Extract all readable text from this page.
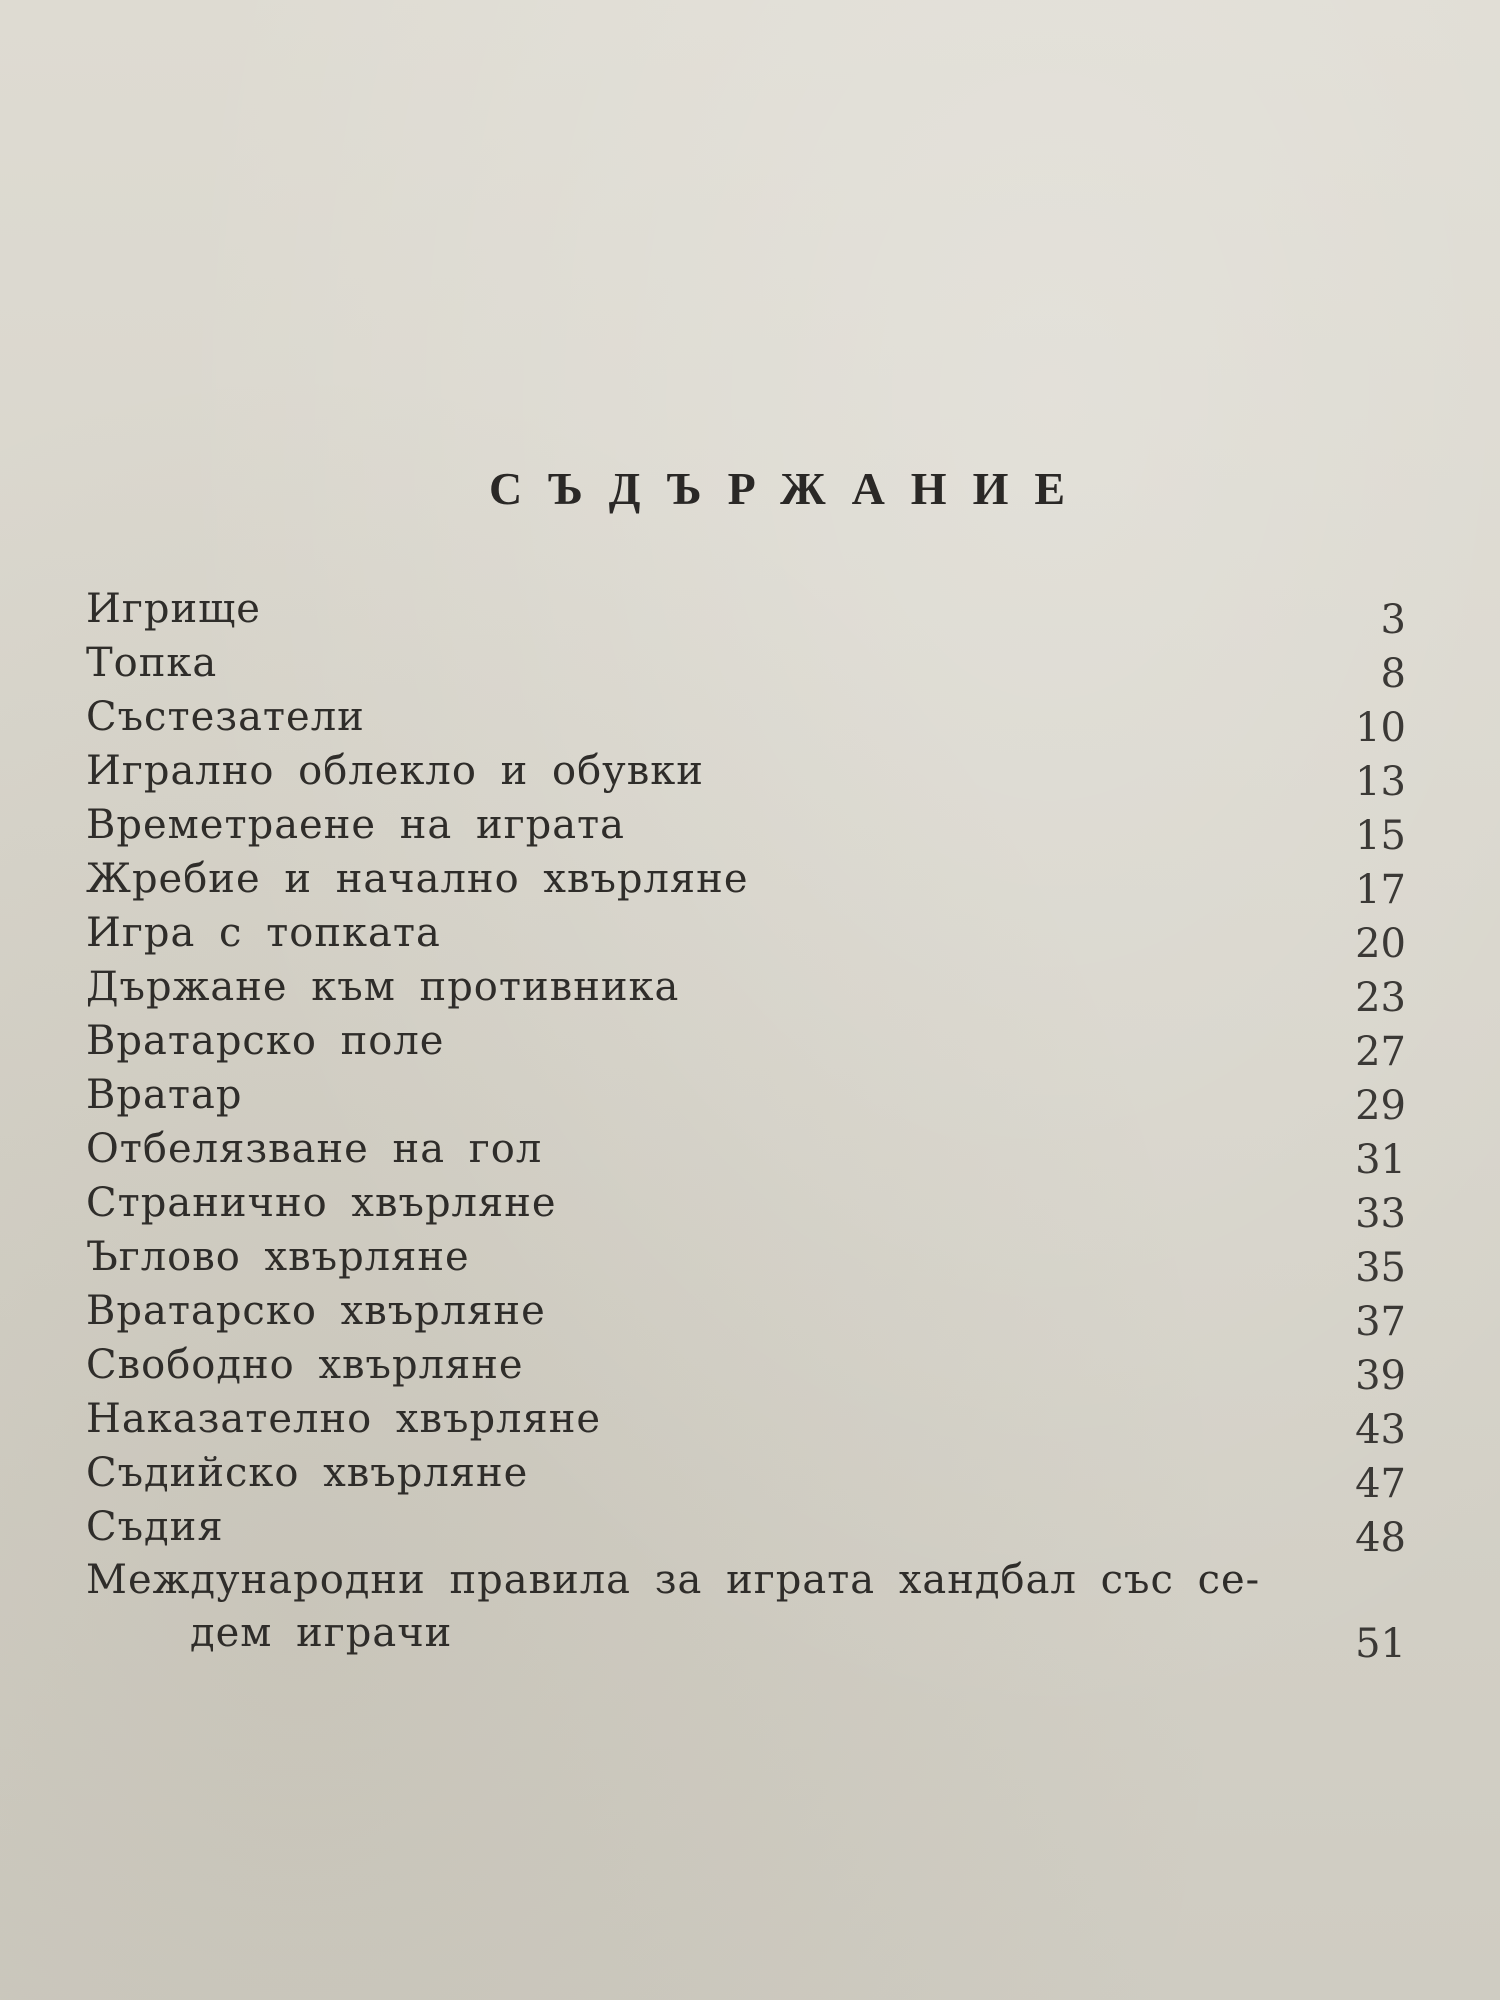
СЪДЪРЖАНИЕ
Игрище	3
Топка	8
Състезатели	10
Игрално облекло и обувки	13
Времетраене на играта	15
Жребие и начално хвърляне	17
Игра с топката	20
Държане към противника	23
Вратарско поле	27
Вратар	29
Отбелязване на гол	31
Странично хвърляне	33
Ъглово хвърляне	35
Вратарско хвърляне	37
Свободно хвърляне	39
Наказателно хвърляне	43
Съдийско хвърляне	47
Съдия	48
Международни правила за играта хандбал със се-
дем играчи	51
